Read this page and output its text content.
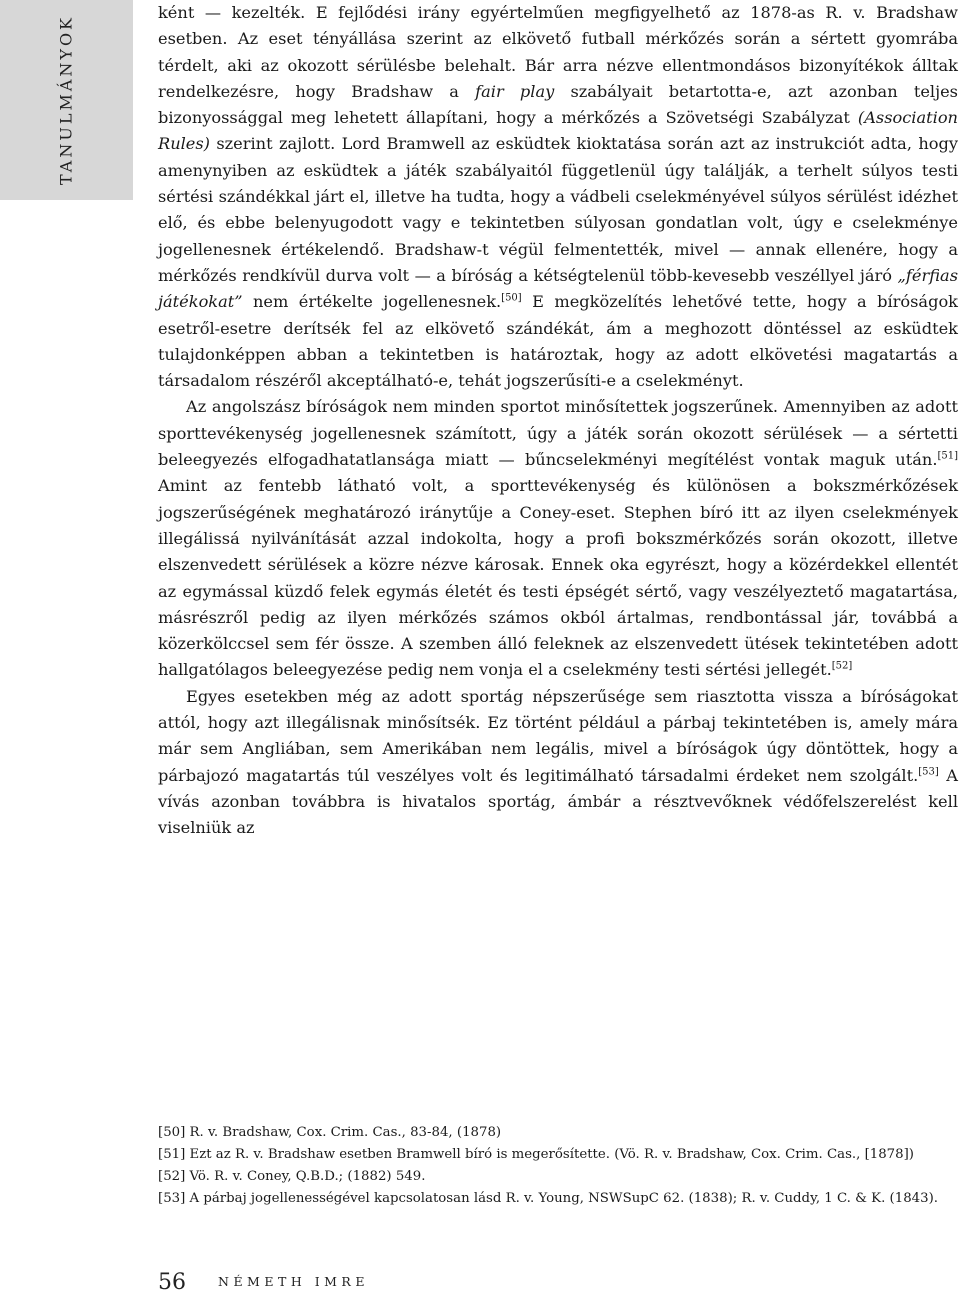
TANULMÁNYOK

ként — kezelték. E fejlődési irány egyértelműen megfigyelhető az 1878-as R. v. Bradshaw esetben. Az eset tényállása szerint az elkövető futball mérkőzés során a sértett gyomrába térdelt, aki az okozott sérülésbe belehalt. Bár arra nézve ellentmondásos bizonyítékok álltak rendelkezésre, hogy Bradshaw a fair play szabályait betartotta-e, azt azonban teljes bizonyossággal meg lehetett állapítani, hogy a mérkőzés a Szövetségi Szabályzat (Association Rules) szerint zajlott. Lord Bramwell az esküdtek kioktatása során azt az instrukciót adta, hogy amenynyiben az esküdtek a játék szabályaitól függetlenül úgy találják, a terhelt súlyos testi sértési szándékkal járt el, illetve ha tudta, hogy a vádbeli cselekményével súlyos sérülést idézhet elő, és ebbe belenyugodott vagy e tekintetben súlyosan gondatlan volt, úgy e cselekménye jogellenesnek értékelendő. Bradshaw-t végül felmentették, mivel — annak ellenére, hogy a mérkőzés rendkívül durva volt — a bíróság a kétségtelenül több-kevesebb veszéllyel járó „férfias játékokat” nem értékelte jogellenesnek.[50] E megközelítés lehetővé tette, hogy a bíróságok esetről-esetre derítsék fel az elkövető szándékát, ám a meghozott döntéssel az esküdtek tulajdonképpen abban a tekintetben is határoztak, hogy az adott elkövetési magatartás a társadalom részéről akceptálható-e, tehát jogszerűsíti-e a cselekményt.

Az angolszász bíróságok nem minden sportot minősítettek jogszerűnek. Amennyiben az adott sporttevékenység jogellenesnek számított, úgy a játék során okozott sérülések — a sértetti beleegyezés elfogadhatatlansága miatt — bűncselekményi megítélést vontak maguk után.[51] Amint az fentebb látható volt, a sporttevékenység és különösen a bokszmérkőzések jogszerűségének meghatározó iránytűje a Coney-eset. Stephen bíró itt az ilyen cselekmények illegálissá nyilvánítását azzal indokolta, hogy a profi bokszmérkőzés során okozott, illetve elszenvedett sérülések a közre nézve károsak. Ennek oka egyrészt, hogy a közérdekkel ellentét az egymással küzdő felek egymás életét és testi épségét sértő, vagy veszélyeztető magatartása, másrészről pedig az ilyen mérkőzés számos okból ártalmas, rendbontással jár, továbbá a közerkölccsel sem fér össze. A szemben álló feleknek az elszenvedett ütések tekintetében adott hallgatólagos beleegyezése pedig nem vonja el a cselekmény testi sértési jellegét.[52]

Egyes esetekben még az adott sportág népszerűsége sem riasztotta vissza a bíróságokat attól, hogy azt illegálisnak minősítsék. Ez történt például a párbaj tekintetében is, amely mára már sem Angliában, sem Amerikában nem legális, mivel a bíróságok úgy döntöttek, hogy a párbajozó magatartás túl veszélyes volt és legitimálható társadalmi érdeket nem szolgált.[53] A vívás azonban továbbra is hivatalos sportág, ámbár a résztvevőknek védőfelszerelést kell viselniük az

[50] R. v. Bradshaw, Cox. Crim. Cas., 83-84, (1878)

[51] Ezt az R. v. Bradshaw esetben Bramwell bíró is megerősítette. (Vö. R. v. Bradshaw, Cox. Crim. Cas., [1878])

[52] Vö. R. v. Coney, Q.B.D.; (1882) 549.

[53] A párbaj jogellenességével kapcsolatosan lásd R. v. Young, NSWSupC 62. (1838); R. v. Cuddy, 1 C. & K. (1843).

56	NÉMETH IMRE
